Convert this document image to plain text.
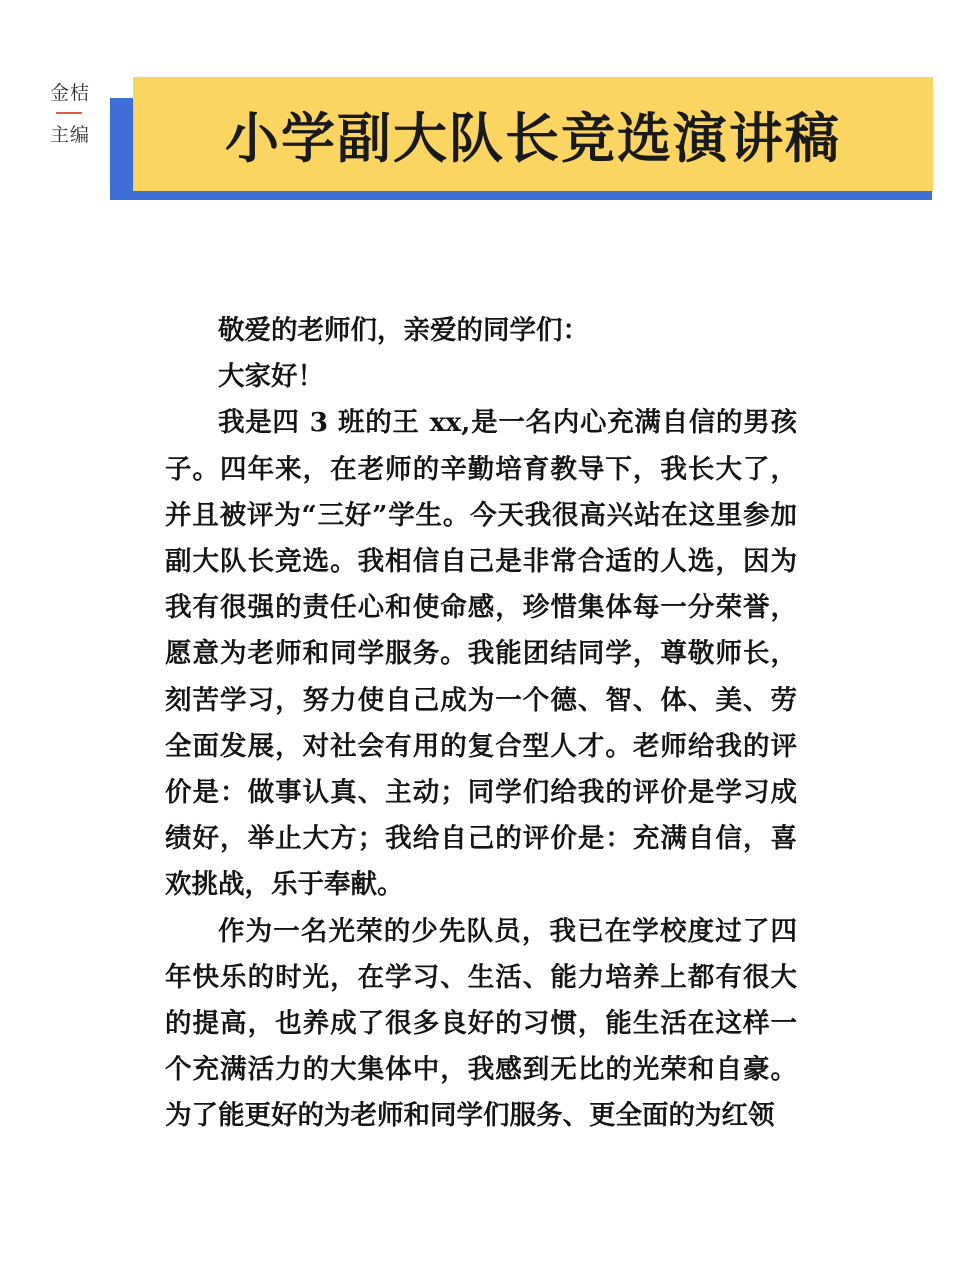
金桔
主编	小学副大队长竞选演讲稿

敬爱的老师们，亲爱的同学们：

大家好！

我是四 3 班的王 xx,是一名内心充满自信的男孩子。四年来，在老师的辛勤培育教导下，我长大了，并且被评为“三好”学生。今天我很高兴站在这里参加副大队长竞选。我相信自己是非常合适的人选，因为我有很强的责任心和使命感，珍惜集体每一分荣誉，愿意为老师和同学服务。我能团结同学，尊敬师长，刻苦学习，努力使自己成为一个德、智、体、美、劳全面发展，对社会有用的复合型人才。老师给我的评价是：做事认真、主动；同学们给我的评价是学习成绩好，举止大方；我给自己的评价是：充满自信，喜欢挑战，乐于奉献。

作为一名光荣的少先队员，我已在学校度过了四年快乐的时光，在学习、生活、能力培养上都有很大的提高，也养成了很多良好的习惯，能生活在这样一个充满活力的大集体中，我感到无比的光荣和自豪。为了能更好的为老师和同学们服务、更全面的为红领
